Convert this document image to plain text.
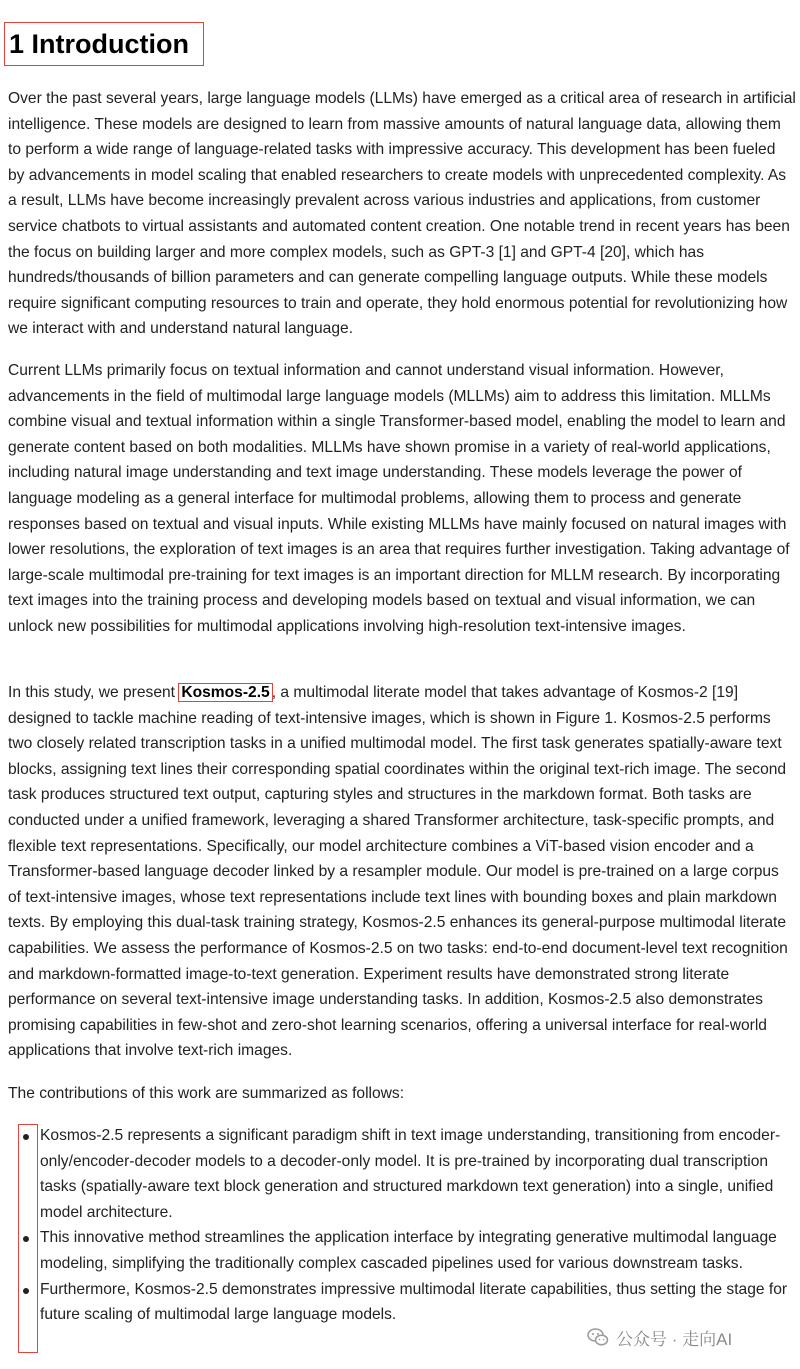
1 Introduction

Over the past several years, large language models (LLMs) have emerged as a critical area of research in artificial intelligence. These models are designed to learn from massive amounts of natural language data, allowing them to perform a wide range of language-related tasks with impressive accuracy. This development has been fueled by advancements in model scaling that enabled researchers to create models with unprecedented complexity. As a result, LLMs have become increasingly prevalent across various industries and applications, from customer service chatbots to virtual assistants and automated content creation. One notable trend in recent years has been the focus on building larger and more complex models, such as GPT-3 [1] and GPT-4 [20], which has hundreds/thousands of billion parameters and can generate compelling language outputs. While these models require significant computing resources to train and operate, they hold enormous potential for revolutionizing how we interact with and understand natural language.

Current LLMs primarily focus on textual information and cannot understand visual information. However, advancements in the field of multimodal large language models (MLLMs) aim to address this limitation. MLLMs combine visual and textual information within a single Transformer-based model, enabling the model to learn and generate content based on both modalities. MLLMs have shown promise in a variety of real-world applications, including natural image understanding and text image understanding. These models leverage the power of language modeling as a general interface for multimodal problems, allowing them to process and generate responses based on textual and visual inputs. While existing MLLMs have mainly focused on natural images with lower resolutions, the exploration of text images is an area that requires further investigation. Taking advantage of large-scale multimodal pre-training for text images is an important direction for MLLM research. By incorporating text images into the training process and developing models based on textual and visual information, we can unlock new possibilities for multimodal applications involving high-resolution text-intensive images.

In this study, we present Kosmos-2.5 , a multimodal literate model that takes advantage of Kosmos-2 [19] designed to tackle machine reading of text-intensive images, which is shown in Figure 1. Kosmos-2.5 performs two closely related transcription tasks in a unified multimodal model. The first task generates spatially-aware text blocks, assigning text lines their corresponding spatial coordinates within the original text-rich image. The second task produces structured text output, capturing styles and structures in the markdown format. Both tasks are conducted under a unified framework, leveraging a shared Transformer architecture, task-specific prompts, and flexible text representations. Specifically, our model architecture combines a ViT-based vision encoder and a Transformer-based language decoder linked by a resampler module. Our model is pre-trained on a large corpus of text-intensive images, whose text representations include text lines with bounding boxes and plain markdown texts. By employing this dual-task training strategy, Kosmos-2.5 enhances its general-purpose multimodal literate capabilities. We assess the performance of Kosmos-2.5 on two tasks: end-to-end document-level text recognition and markdown-formatted image-to-text generation. Experiment results have demonstrated strong literate performance on several text-intensive image understanding tasks. In addition, Kosmos-2.5 also demonstrates promising capabilities in few-shot and zero-shot learning scenarios, offering a universal interface for real-world applications that involve text-rich images.

The contributions of this work are summarized as follows:

Kosmos-2.5 represents a significant paradigm shift in text image understanding, transitioning from encoder-only/encoder-decoder models to a decoder-only model. It is pre-trained by incorporating dual transcription tasks (spatially-aware text block generation and structured markdown text generation) into a single, unified model architecture.
This innovative method streamlines the application interface by integrating generative multimodal language modeling, simplifying the traditionally complex cascaded pipelines used for various downstream tasks.
Furthermore, Kosmos-2.5 demonstrates impressive multimodal literate capabilities, thus setting the stage for future scaling of multimodal large language models.
公众号 · 走向AI
